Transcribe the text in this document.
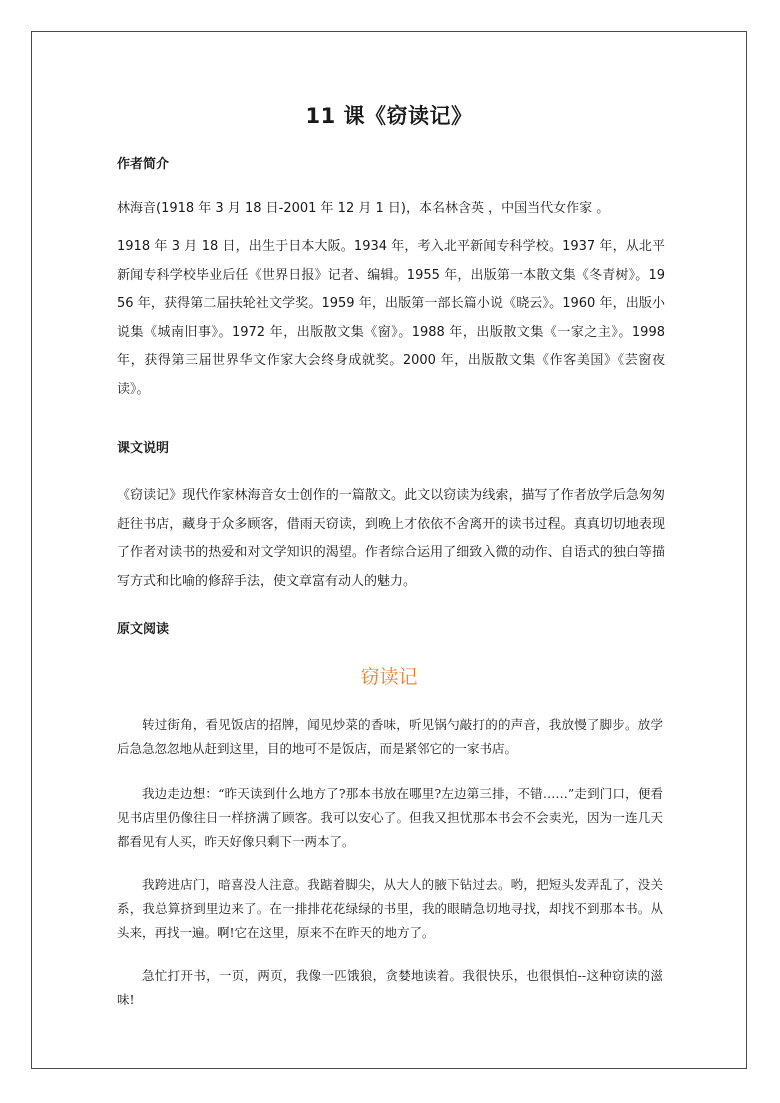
11 课《窃读记》
作者简介
林海音(1918 年 3 月 18 日-2001 年 12 月 1 日)，本名林含英 ，中国当代女作家 。
1918 年 3 月 18 日，出生于日本大阪。1934 年，考入北平新闻专科学校。1937 年，从北平新闻专科学校毕业后任《世界日报》记者、编辑。1955 年，出版第一本散文集《冬青树》。1956 年，获得第二届扶轮社文学奖。1959 年，出版第一部长篇小说《晓云》。1960 年，出版小说集《城南旧事》。1972 年，出版散文集《窗》。1988 年，出版散文集《一家之主》。1998 年，获得第三届世界华文作家大会终身成就奖。2000 年，出版散文集《作客美国》《芸窗夜读》。
课文说明
《窃读记》现代作家林海音女士创作的一篇散文。此文以窃读为线索，描写了作者放学后急匆匆赶往书店，藏身于众多顾客，借雨天窃读，到晚上才依依不舍离开的读书过程。真真切切地表现了作者对读书的热爱和对文学知识的渴望。作者综合运用了细致入微的动作、自语式的独白等描写方式和比喻的修辞手法，使文章富有动人的魅力。
原文阅读
窃读记
转过街角，看见饭店的招牌，闻见炒菜的香味，听见锅勺敲打的的声音，我放慢了脚步。放学后急急忽忽地从赶到这里，目的地可不是饭店，而是紧邻它的一家书店。
我边走边想：“昨天读到什么地方了?那本书放在哪里?左边第三排，不错……”走到门口，便看见书店里仍像往日一样挤满了顾客。我可以安心了。但我又担忧那本书会不会卖光，因为一连几天都看见有人买，昨天好像只剩下一两本了。
我跨进店门，暗喜没人注意。我踮着脚尖，从大人的腋下钻过去。哟，把短头发弄乱了，没关系，我总算挤到里边来了。在一排排花花绿绿的书里，我的眼睛急切地寻找，却找不到那本书。从头来，再找一遍。啊!它在这里，原来不在昨天的地方了。
急忙打开书，一页，两页，我像一匹饿狼，贪婪地读着。我很快乐，也很惧怕--这种窃读的滋味!
